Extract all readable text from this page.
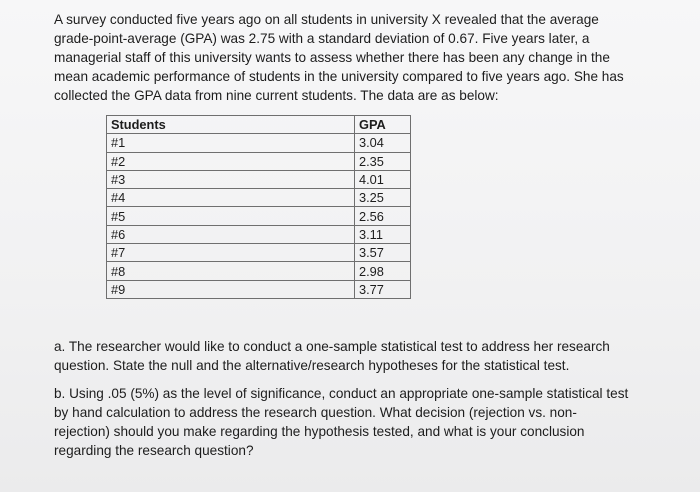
A survey conducted five years ago on all students in university X revealed that the average
grade-point-average (GPA) was 2.75 with a standard deviation of 0.67. Five years later, a
managerial staff of this university wants to assess whether there has been any change in the
mean academic performance of students in the university compared to five years ago. She has
collected the GPA data from nine current students. The data are as below:

Students	GPA
#1	3.04
#2	2.35
#3	4.01
#4	3.25
#5	2.56
#6	3.11
#7	3.57
#8	2.98
#9	3.77

a. The researcher would like to conduct a one-sample statistical test to address her research
question. State the null and the alternative/research hypotheses for the statistical test.

b. Using .05 (5%) as the level of significance, conduct an appropriate one-sample statistical test
by hand calculation to address the research question. What decision (rejection vs. non-
rejection) should you make regarding the hypothesis tested, and what is your conclusion
regarding the research question?
